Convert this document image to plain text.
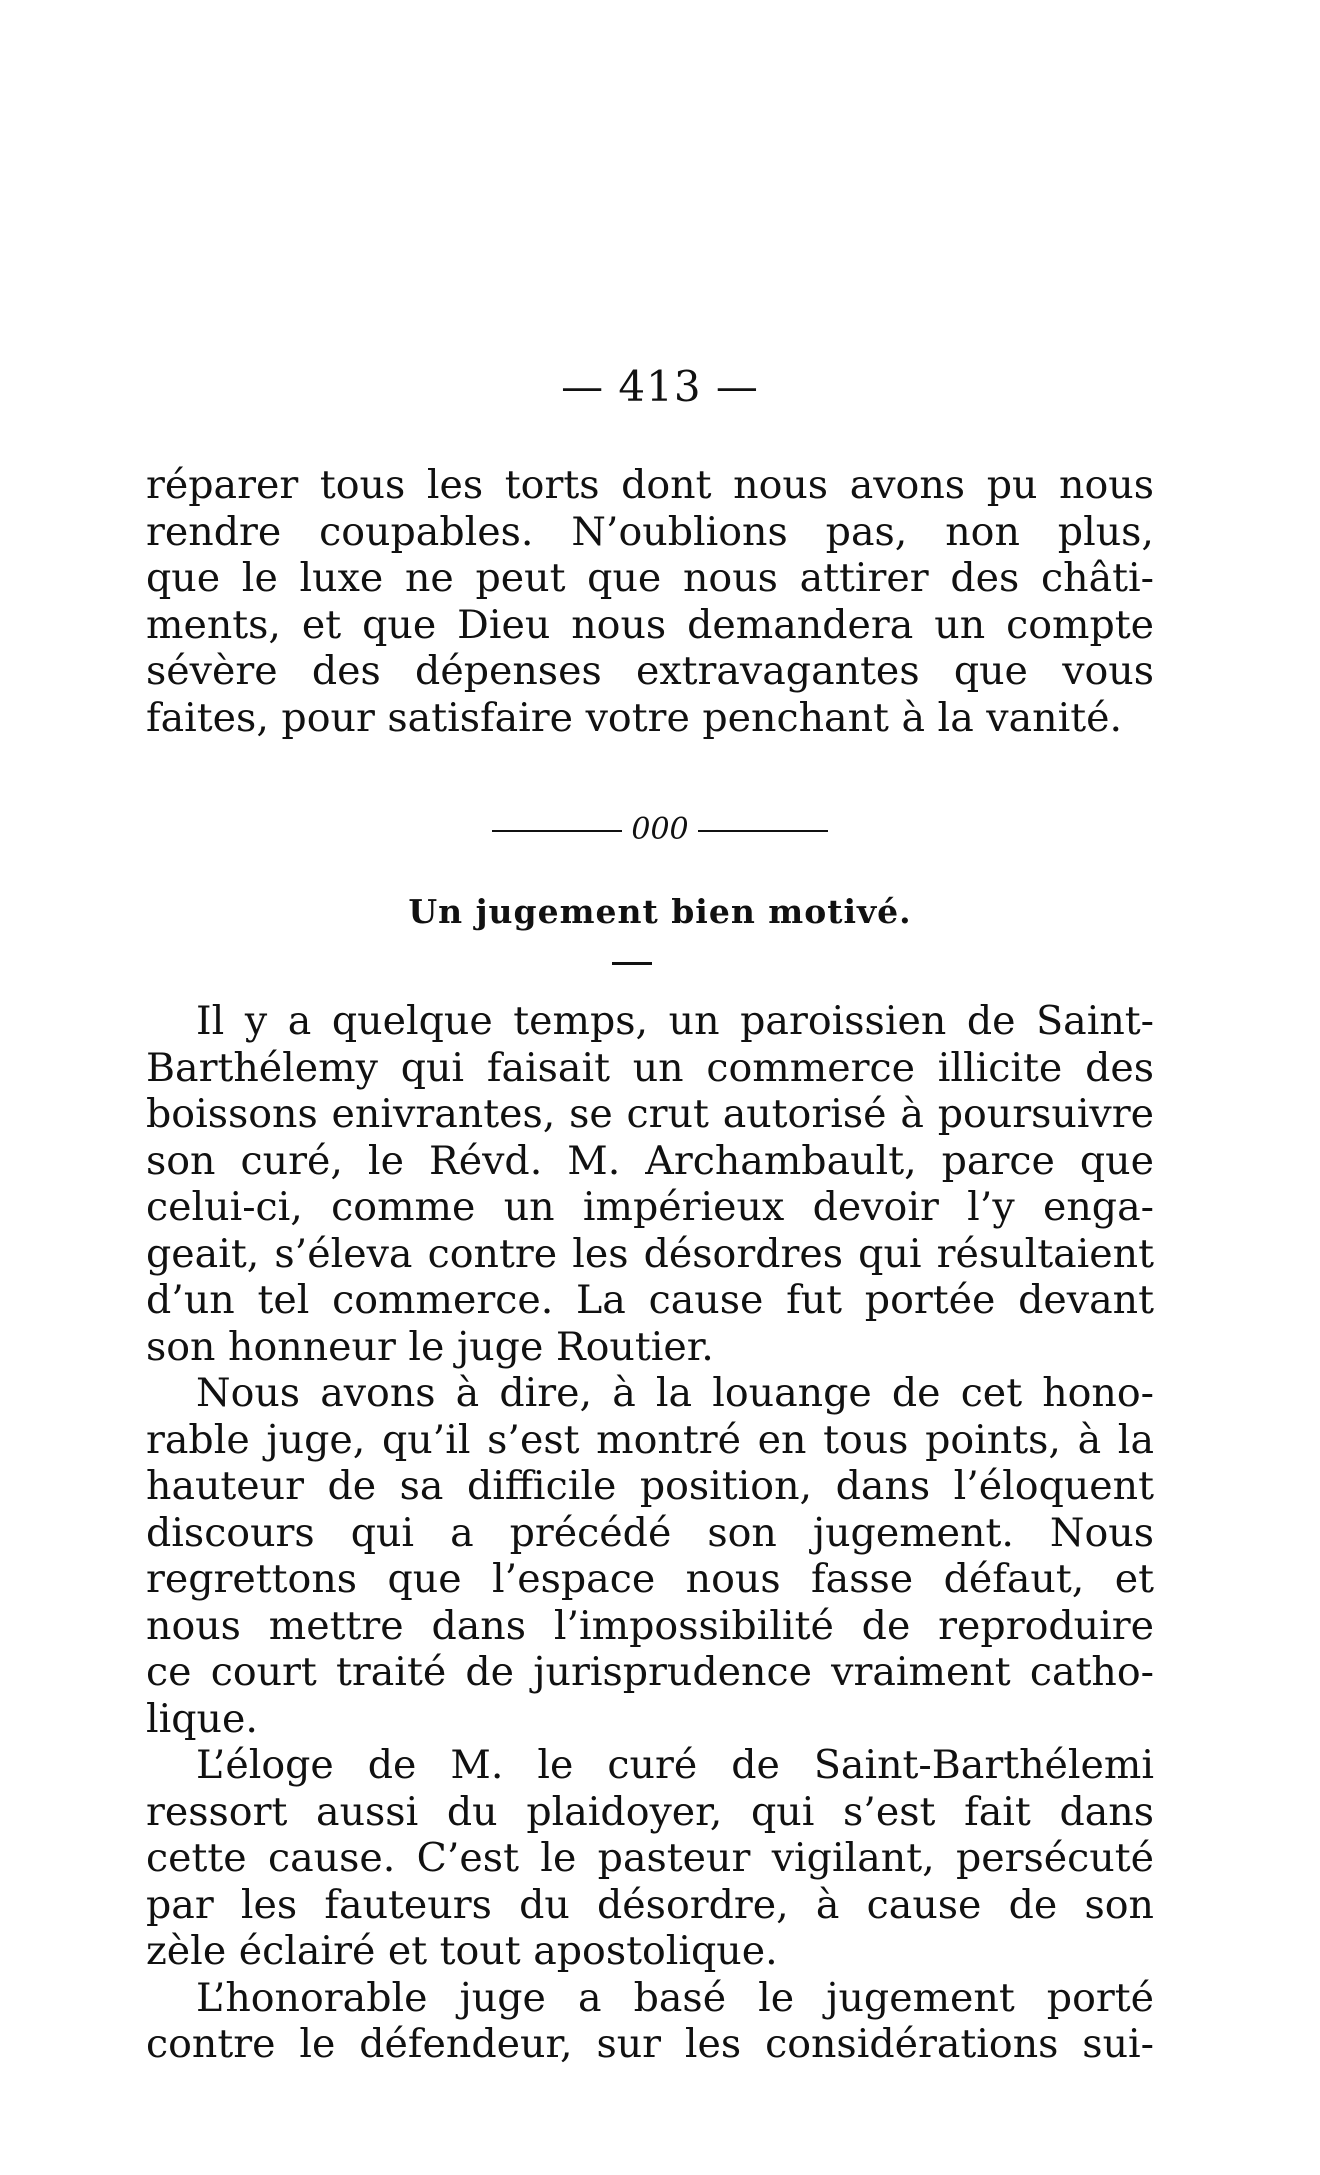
— 413 —
réparer tous les torts dont nous avons pu nous
rendre coupables. N’oublions pas, non plus,
que le luxe ne peut que nous attirer des châti-
ments, et que Dieu nous demandera un compte
sévère des dépenses extravagantes que vous
faites, pour satisfaire votre penchant à la vanité.
000
Un jugement bien motivé.
Il y a quelque temps, un paroissien de Saint-
Barthélemy qui faisait un commerce illicite des
boissons enivrantes, se crut autorisé à poursuivre
son curé, le Révd. M. Archambault, parce que
celui-ci, comme un impérieux devoir l’y enga-
geait, s’éleva contre les désordres qui résultaient
d’un tel commerce. La cause fut portée devant
son honneur le juge Routier.
Nous avons à dire, à la louange de cet hono-
rable juge, qu’il s’est montré en tous points, à la
hauteur de sa difficile position, dans l’éloquent
discours qui a précédé son jugement. Nous
regrettons que l’espace nous fasse défaut, et
nous mettre dans l’impossibilité de reproduire
ce court traité de jurisprudence vraiment catho-
lique.
L’éloge de M. le curé de Saint-Barthélemi
ressort aussi du plaidoyer, qui s’est fait dans
cette cause. C’est le pasteur vigilant, persécuté
par les fauteurs du désordre, à cause de son
zèle éclairé et tout apostolique.
L’honorable juge a basé le jugement porté
contre le défendeur, sur les considérations sui-
